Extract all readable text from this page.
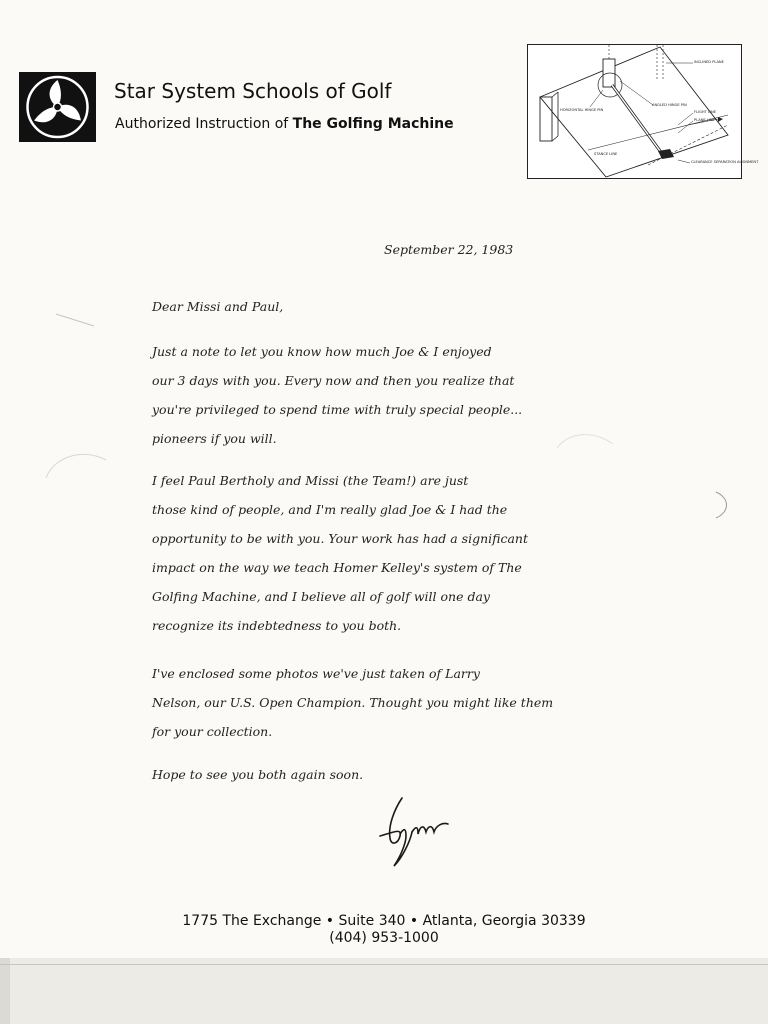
Star System Schools of Golf
Authorized Instruction of The Golfing Machine
INCLINED PLANE
ANGLED HINGE PIN
HORIZONTAL HINGE PIN	FLIGHT LINE
PLANE LINE
STANCE LINE
CLEARANCE SEPARATION ALIGNMENT
September 22, 1983
Dear Missi and Paul,

Just a note to let you know how much Joe & I enjoyed
our 3 days with you. Every now and then you realize that
you're privileged to spend time with truly special people...
pioneers if you will.

I feel Paul Bertholy and Missi (the Team!) are just
those kind of people, and I'm really glad Joe & I had the
opportunity to be with you. Your work has had a significant
impact on the way we teach Homer Kelley's system of The
Golfing Machine, and I believe all of golf will one day
recognize its indebtedness to you both.

I've enclosed some photos we've just taken of Larry
Nelson, our U.S. Open Champion. Thought you might like them
for your collection.

Hope to see you both again soon.

1775 The Exchange • Suite 340 • Atlanta, Georgia 30339
(404) 953-1000
